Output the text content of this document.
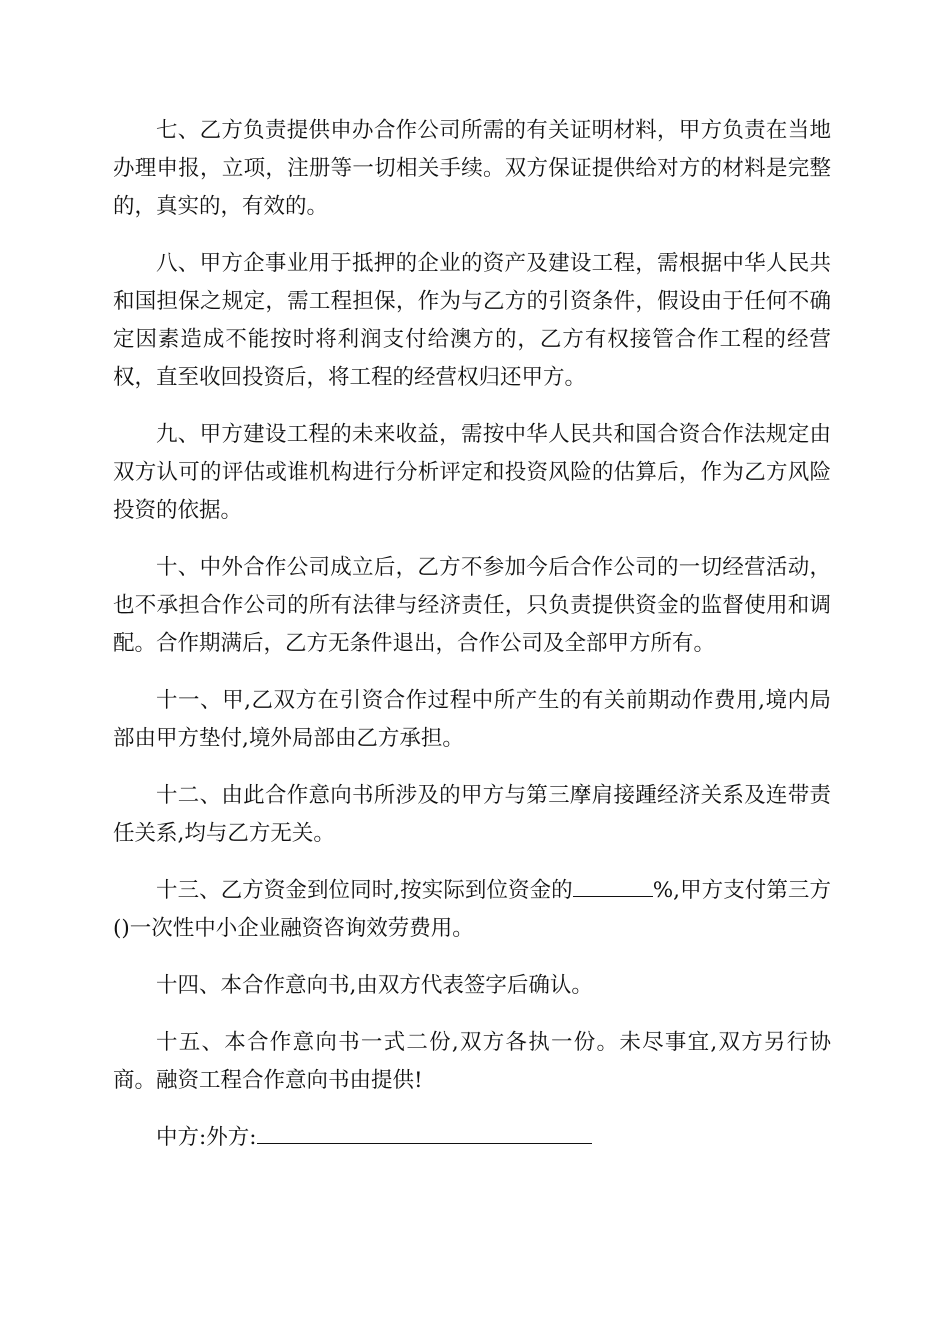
七、乙方负责提供申办合作公司所需的有关证明材料，甲方负责在当地办理申报，立项，注册等一切相关手续。双方保证提供给对方的材料是完整的，真实的，有效的。

八、甲方企事业用于抵押的企业的资产及建设工程，需根据中华人民共和国担保之规定，需工程担保，作为与乙方的引资条件，假设由于任何不确定因素造成不能按时将利润支付给澳方的，乙方有权接管合作工程的经营权，直至收回投资后，将工程的经营权归还甲方。

九、甲方建设工程的未来收益，需按中华人民共和国合资合作法规定由双方认可的评估或谁机构进行分析评定和投资风险的估算后，作为乙方风险投资的依据。

十、中外合作公司成立后，乙方不参加今后合作公司的一切经营活动，也不承担合作公司的所有法律与经济责任，只负责提供资金的监督使用和调配。合作期满后，乙方无条件退出，合作公司及全部甲方所有。

十一、甲,乙双方在引资合作过程中所产生的有关前期动作费用,境内局部由甲方垫付,境外局部由乙方承担。

十二、由此合作意向书所涉及的甲方与第三摩肩接踵经济关系及连带责任关系,均与乙方无关。

十三、乙方资金到位同时,按实际到位资金的	%,甲方支付第三方()一次性中小企业融资咨询效劳费用。

十四、本合作意向书,由双方代表签字后确认。

十五、本合作意向书一式二份,双方各执一份。未尽事宜,双方另行协商。融资工程合作意向书由提供!

中方:外方:
